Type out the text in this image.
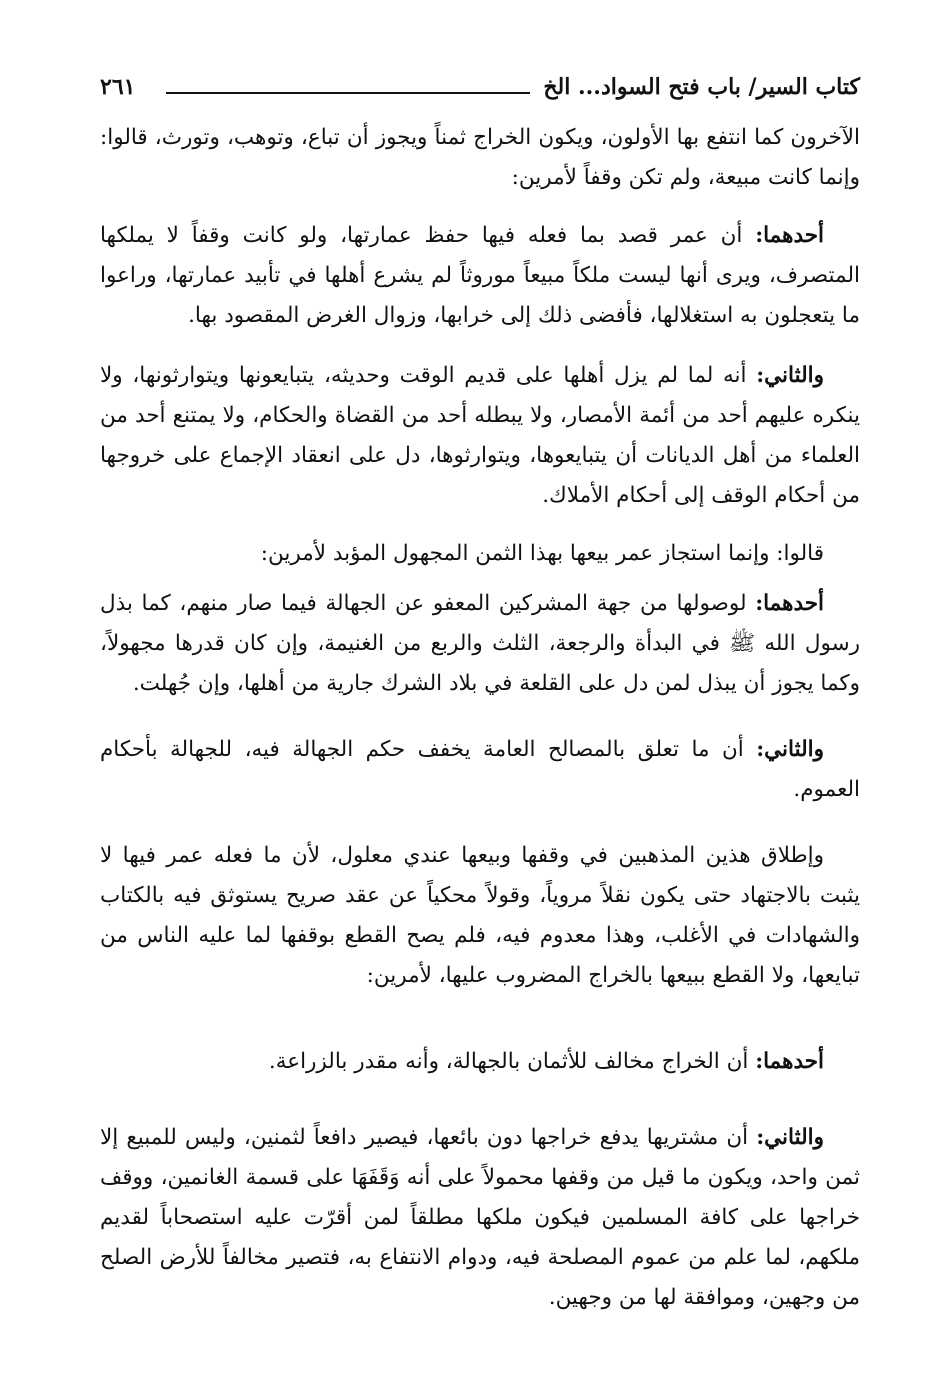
كتاب السير/ باب فتح السواد... الخ
٢٦١

الآخرون كما انتفع بها الأولون، ويكون الخراج ثمناً ويجوز أن تباع، وتوهب، وتورث، قالوا: وإنما كانت مبيعة، ولم تكن وقفاً لأمرين:

أحدهما: أن عمر قصد بما فعله فيها حفظ عمارتها، ولو كانت وقفاً لا يملكها المتصرف، ويرى أنها ليست ملكاً مبيعاً موروثاً لم يشرع أهلها في تأبيد عمارتها، وراعوا ما يتعجلون به استغلالها، فأفضى ذلك إلى خرابها، وزوال الغرض المقصود بها.

والثاني: أنه لما لم يزل أهلها على قديم الوقت وحديثه، يتبايعونها ويتوارثونها، ولا ينكره عليهم أحد من أئمة الأمصار، ولا يبطله أحد من القضاة والحكام، ولا يمتنع أحد من العلماء من أهل الديانات أن يتبايعوها، ويتوارثوها، دل على انعقاد الإجماع على خروجها من أحكام الوقف إلى أحكام الأملاك.

قالوا: وإنما استجاز عمر بيعها بهذا الثمن المجهول المؤبد لأمرين:

أحدهما: لوصولها من جهة المشركين المعفو عن الجهالة فيما صار منهم، كما بذل رسول الله ﷺ في البدأة والرجعة، الثلث والربع من الغنيمة، وإن كان قدرها مجهولاً، وكما يجوز أن يبذل لمن دل على القلعة في بلاد الشرك جارية من أهلها، وإن جُهلت.

والثاني: أن ما تعلق بالمصالح العامة يخفف حكم الجهالة فيه، للجهالة بأحكام العموم.

وإطلاق هذين المذهبين في وقفها وبيعها عندي معلول، لأن ما فعله عمر فيها لا يثبت بالاجتهاد حتى يكون نقلاً مروياً، وقولاً محكياً عن عقد صريح يستوثق فيه بالكتاب والشهادات في الأغلب، وهذا معدوم فيه، فلم يصح القطع بوقفها لما عليه الناس من تبايعها، ولا القطع ببيعها بالخراج المضروب عليها، لأمرين:

أحدهما: أن الخراج مخالف للأثمان بالجهالة، وأنه مقدر بالزراعة.

والثاني: أن مشتريها يدفع خراجها دون بائعها، فيصير دافعاً لثمنين، وليس للمبيع إلا ثمن واحد، ويكون ما قيل من وقفها محمولاً على أنه وَقَفَهَا على قسمة الغانمين، ووقف خراجها على كافة المسلمين فيكون ملكها مطلقاً لمن أقرّت عليه استصحاباً لقديم ملكهم، لما علم من عموم المصلحة فيه، ودوام الانتفاع به، فتصير مخالفاً للأرض الصلح من وجهين، وموافقة لها من وجهين.
